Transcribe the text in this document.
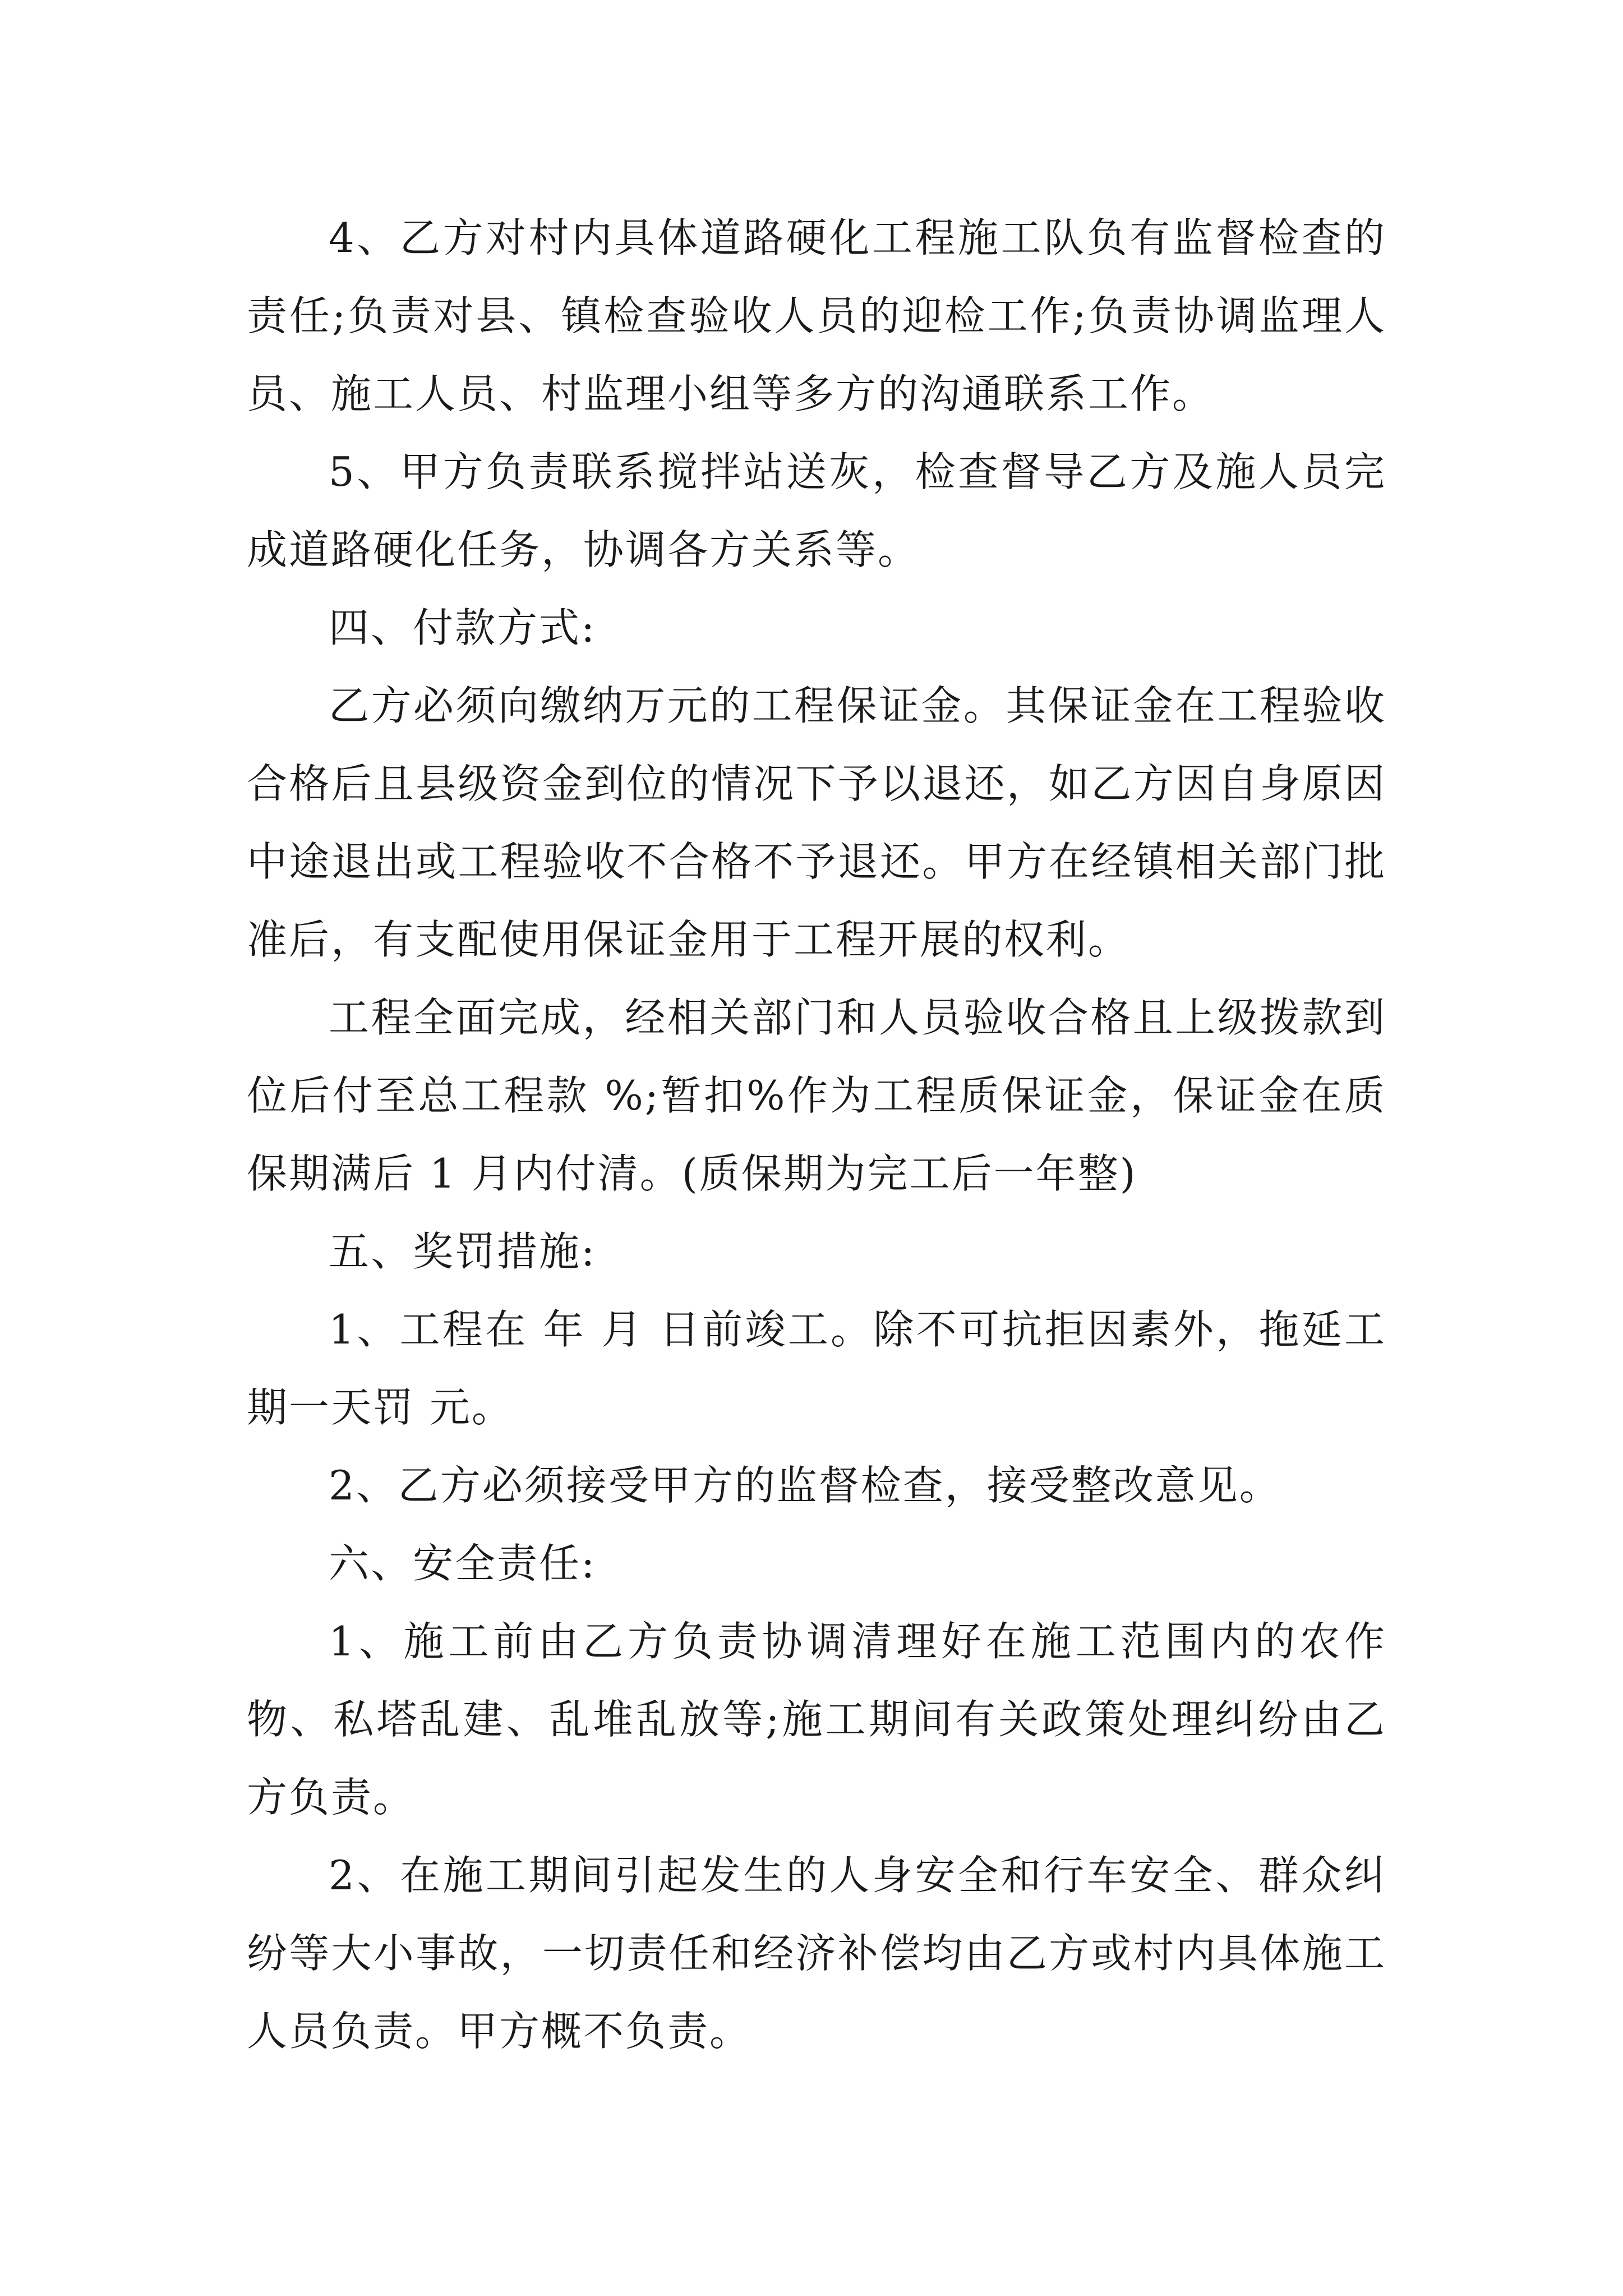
4、乙方对村内具体道路硬化工程施工队负有监督检查的责任;负责对县、镇检查验收人员的迎检工作;负责协调监理人员、施工人员、村监理小组等多方的沟通联系工作。

5、甲方负责联系搅拌站送灰，检查督导乙方及施人员完成道路硬化任务，协调各方关系等。

四、付款方式:

乙方必须向缴纳万元的工程保证金。其保证金在工程验收合格后且县级资金到位的情况下予以退还，如乙方因自身原因中途退出或工程验收不合格不予退还。甲方在经镇相关部门批准后，有支配使用保证金用于工程开展的权利。

工程全面完成，经相关部门和人员验收合格且上级拨款到位后付至总工程款 %;暂扣%作为工程质保证金，保证金在质保期满后 1 月内付清。(质保期为完工后一年整)

五、奖罚措施:

1、工程在 年 月 日前竣工。除不可抗拒因素外，拖延工期一天罚 元。

2、乙方必须接受甲方的监督检查，接受整改意见。

六、安全责任:

1、施工前由乙方负责协调清理好在施工范围内的农作物、私塔乱建、乱堆乱放等;施工期间有关政策处理纠纷由乙方负责。

2、在施工期间引起发生的人身安全和行车安全、群众纠纷等大小事故，一切责任和经济补偿均由乙方或村内具体施工人员负责。甲方概不负责。
